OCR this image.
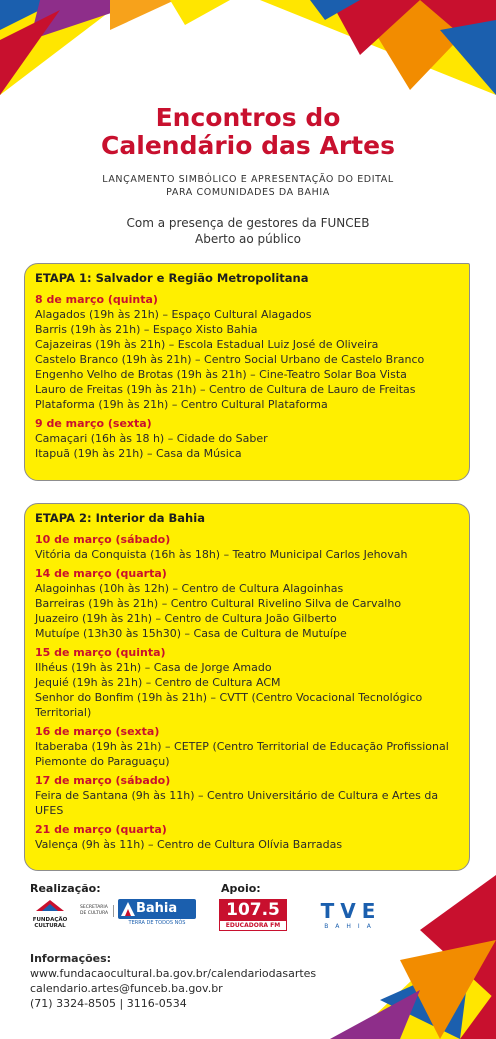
Encontros do
Calendário das Artes
LANÇAMENTO SIMBÓLICO E APRESENTAÇÃO DO EDITAL
PARA COMUNIDADES DA BAHIA
Com a presença de gestores da FUNCEB
Aberto ao público
ETAPA 1: Salvador e Região Metropolitana
8 de março (quinta)
Alagados (19h às 21h) – Espaço Cultural Alagados
Barris (19h às 21h) – Espaço Xisto Bahia
Cajazeiras (19h às 21h) – Escola Estadual Luiz José de Oliveira
Castelo Branco (19h às 21h) – Centro Social Urbano de Castelo Branco
Engenho Velho de Brotas (19h às 21h) – Cine-Teatro Solar Boa Vista
Lauro de Freitas (19h às 21h) – Centro de Cultura de Lauro de Freitas
Plataforma (19h às 21h) – Centro Cultural Plataforma
9 de março (sexta)
Camaçari (16h às 18 h) – Cidade do Saber
Itapuã (19h às 21h) – Casa da Música
ETAPA 2: Interior da Bahia
10 de março (sábado)
Vitória da Conquista (16h às 18h) – Teatro Municipal Carlos Jehovah
14 de março (quarta)
Alagoinhas (10h às 12h) – Centro de Cultura Alagoinhas
Barreiras (19h às 21h) – Centro Cultural Rivelino Silva de Carvalho
Juazeiro (19h às 21h) – Centro de Cultura João Gilberto
Mutuípe (13h30 às 15h30) – Casa de Cultura de Mutuípe
15 de março (quinta)
Ilhéus (19h às 21h) – Casa de Jorge Amado
Jequié (19h às 21h) – Centro de Cultura ACM
Senhor do Bonfim (19h às 21h) – CVTT (Centro Vocacional Tecnológico
Territorial)
16 de março (sexta)
Itaberaba (19h às 21h) – CETEP (Centro Territorial de Educação Profissional
Piemonte do Paraguaçu)
17 de março (sábado)
Feira de Santana (9h às 11h) – Centro Universitário de Cultura e Artes da UFES
21 de março (quarta)
Valença (9h às 11h) – Centro de Cultura Olívia Barradas
Realização:	Apoio:
FUNDAÇÃO CULTURAL
SECRETARIA DE CULTURA	Bahia
TERRA DE TODOS NÓS
107.5
EDUCADORA FM
TVE
BAHIA
Informações:
www.fundacaocultural.ba.gov.br/calendariodasartes
calendario.artes@funceb.ba.gov.br
(71) 3324-8505 | 3116-0534
